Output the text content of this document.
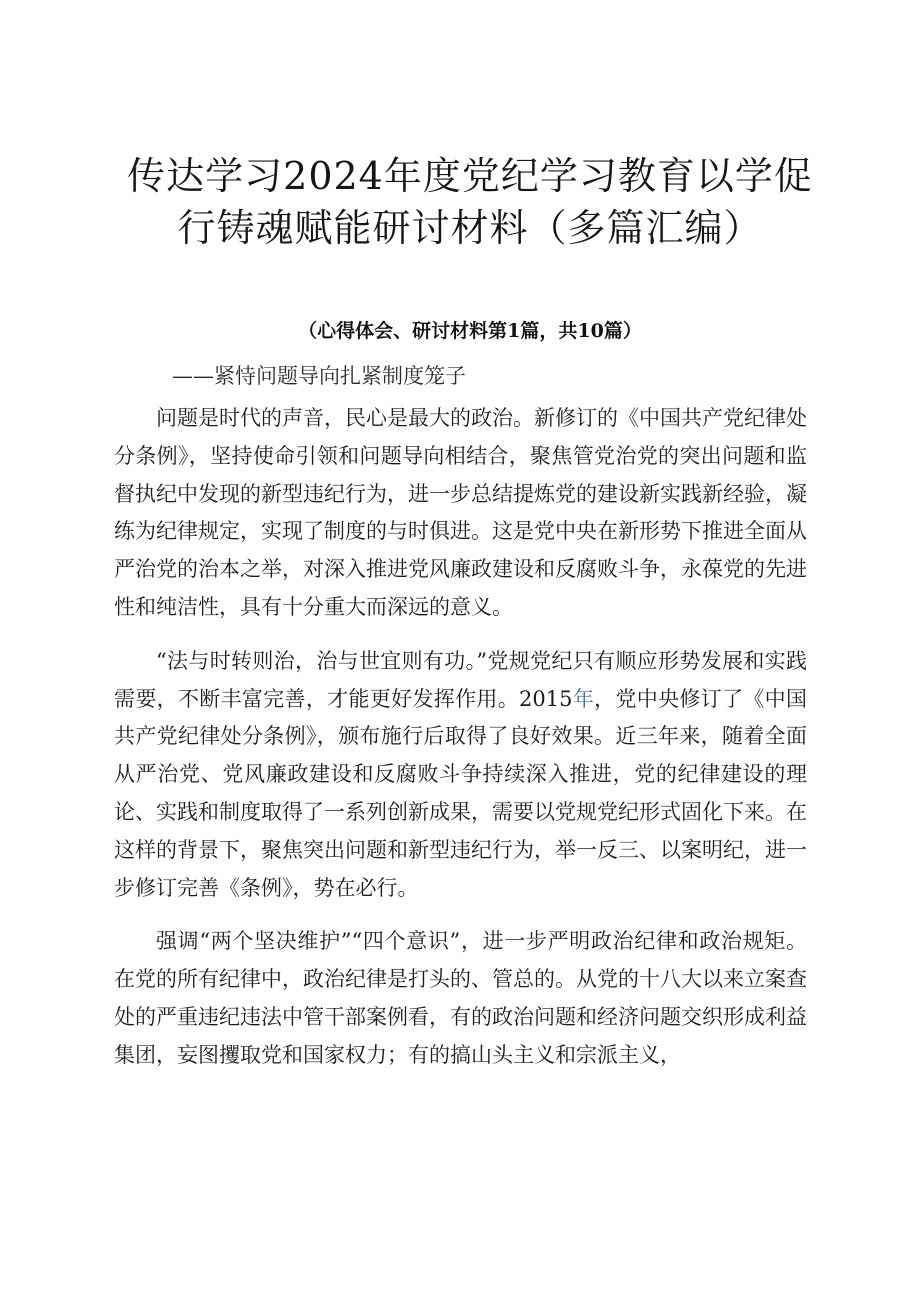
传达学习2024年度党纪学习教育以学促行铸魂赋能研讨材料（多篇汇编）
（心得体会、研讨材料第1篇，共10篇）
——紧恃问题导向扎紧制度笼子

问题是时代的声音，民心是最大的政治。新修订的《中国共产党纪律处分条例》，坚持使命引领和问题导向相结合，聚焦管党治党的突出问题和监督执纪中发现的新型违纪行为，进一步总结提炼党的建设新实践新经验，凝练为纪律规定，实现了制度的与时俱进。这是党中央在新形势下推进全面从严治党的治本之举，对深入推进党风廉政建设和反腐败斗争，永葆党的先进性和纯洁性，具有十分重大而深远的意义。

“法与时转则治，治与世宜则有功。”党规党纪只有顺应形势发展和实践需要，不断丰富完善，才能更好发挥作用。2015年，党中央修订了《中国共产党纪律处分条例》，颁布施行后取得了良好效果。近三年来，随着全面从严治党、党风廉政建设和反腐败斗争持续深入推进，党的纪律建设的理论、实践和制度取得了一系列创新成果，需要以党规党纪形式固化下来。在这样的背景下，聚焦突出问题和新型违纪行为，举一反三、以案明纪，进一步修订完善《条例》，势在必行。

强调“两个坚决维护”“四个意识”，进一步严明政治纪律和政治规矩。在党的所有纪律中，政治纪律是打头的、管总的。从党的十八大以来立案查处的严重违纪违法中管干部案例看，有的政治问题和经济问题交织形成利益集团，妄图攫取党和国家权力；有的搞山头主义和宗派主义，
